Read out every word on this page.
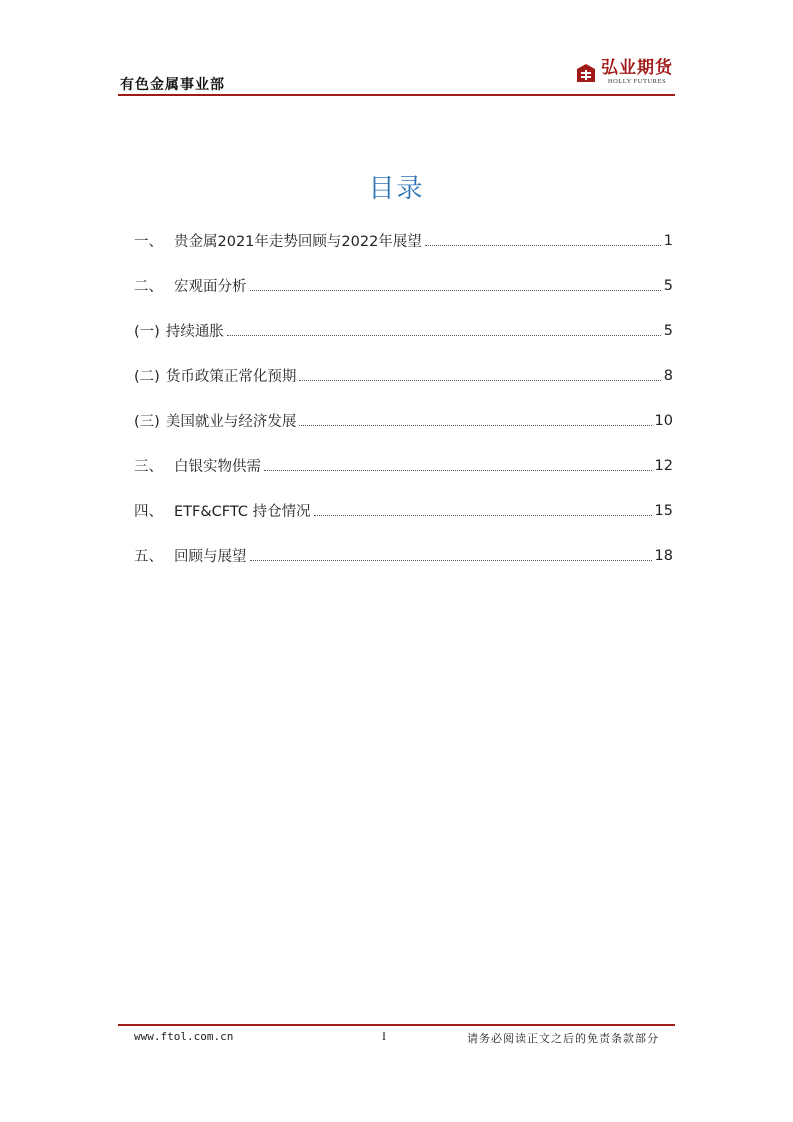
有色金属事业部
弘业期货
HOLLY FUTURES
目录
一、 贵金属2021年走势回顾与2022年展望	1
二、 宏观面分析	5
(一) 持续通胀	5
(二) 货币政策正常化预期	8
(三) 美国就业与经济发展	10
三、 白银实物供需	12
四、 ETF&CFTC 持仓情况	15
五、 回顾与展望	18
www.ftol.com.cn	I	请务必阅读正文之后的免责条款部分
